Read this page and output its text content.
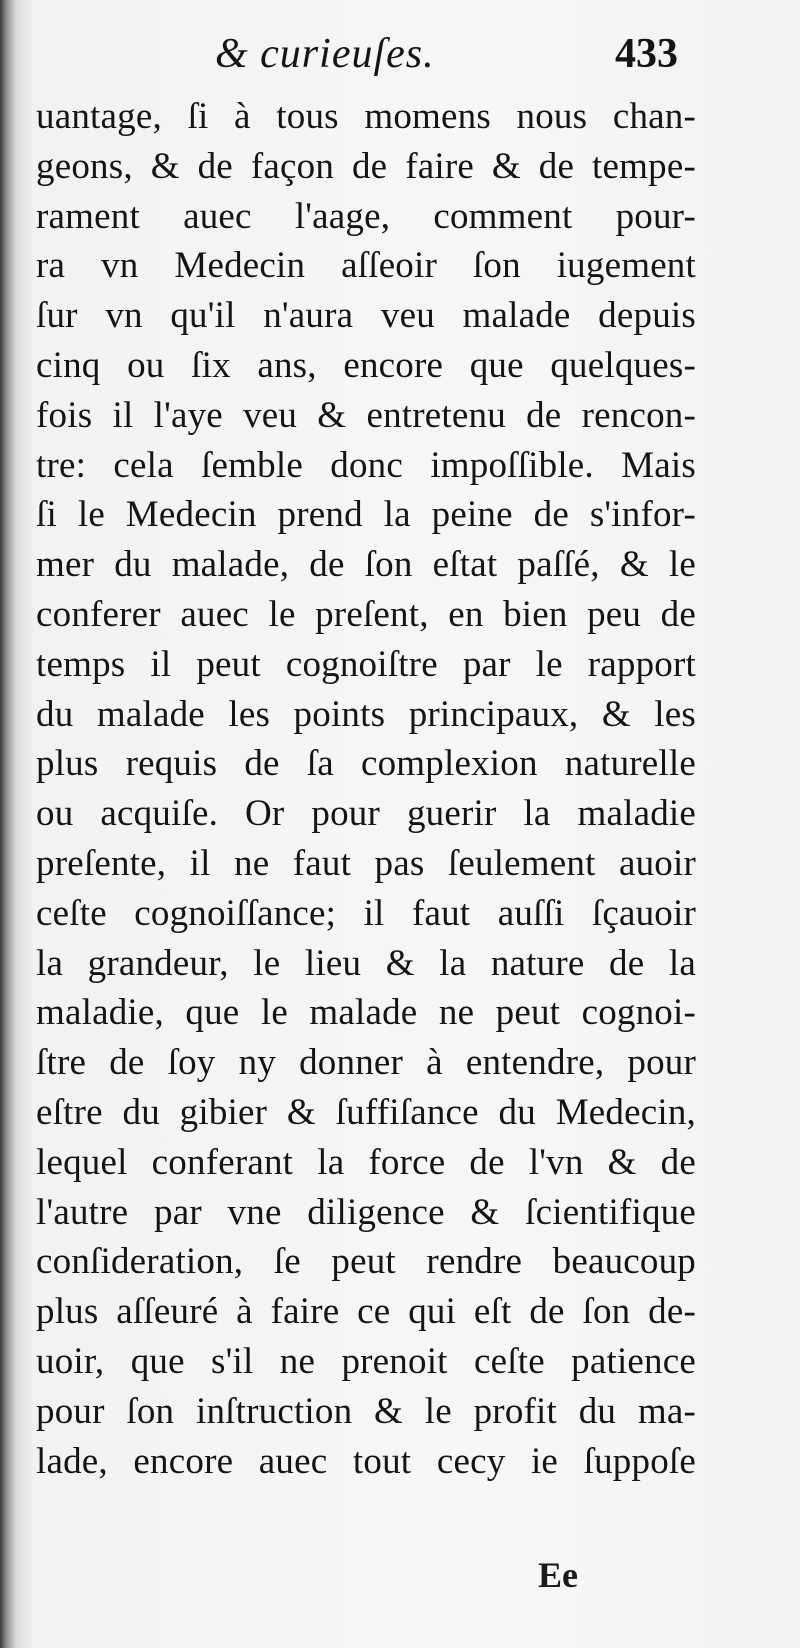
& curieuſes.	433
uantage, ſi à tous momens nous chan-
geons, & de façon de faire & de tempe-
rament auec l'aage, comment pour-
ra vn Medecin aſſeoir ſon iugement
ſur vn qu'il n'aura veu malade depuis
cinq ou ſix ans, encore que quelques-
fois il l'aye veu & entretenu de rencon-
tre: cela ſemble donc impoſſible. Mais
ſi le Medecin prend la peine de s'infor-
mer du malade, de ſon eſtat paſſé, & le
conferer auec le preſent, en bien peu de
temps il peut cognoiſtre par le rapport
du malade les points principaux, & les
plus requis de ſa complexion naturelle
ou acquiſe. Or pour guerir la maladie
preſente, il ne faut pas ſeulement auoir
ceſte cognoiſſance; il faut auſſi ſçauoir
la grandeur, le lieu & la nature de la
maladie, que le malade ne peut cognoi-
ſtre de ſoy ny donner à entendre, pour
eſtre du gibier & ſuffiſance du Medecin,
lequel conferant la force de l'vn & de
l'autre par vne diligence & ſcientifique
conſideration, ſe peut rendre beaucoup
plus aſſeuré à faire ce qui eſt de ſon de-
uoir, que s'il ne prenoit ceſte patience
pour ſon inſtruction & le profit du ma-
lade, encore auec tout cecy ie ſuppoſe
Ee
